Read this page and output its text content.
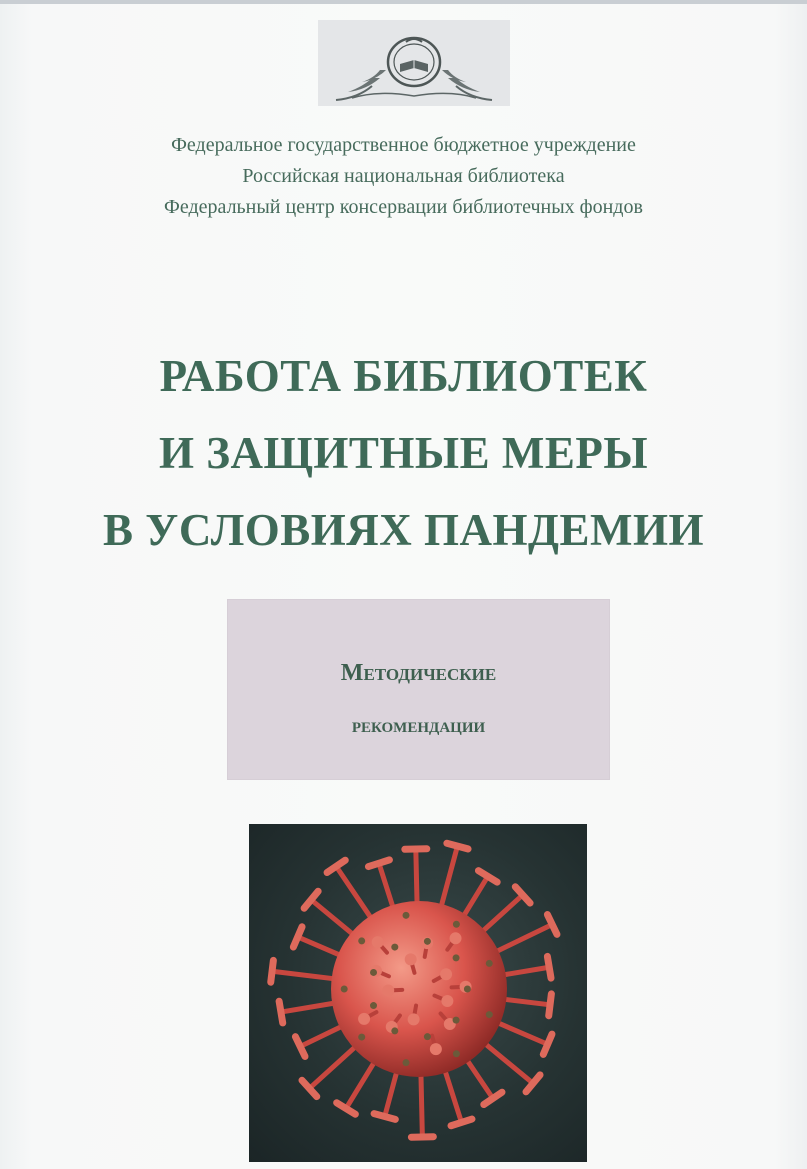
Федеральное государственное бюджетное учреждение
Российская национальная библиотека
Федеральный центр консервации библиотечных фондов
РАБОТА БИБЛИОТЕК
И ЗАЩИТНЫЕ МЕРЫ
В УСЛОВИЯХ ПАНДЕМИИ
Методические
рекомендации
